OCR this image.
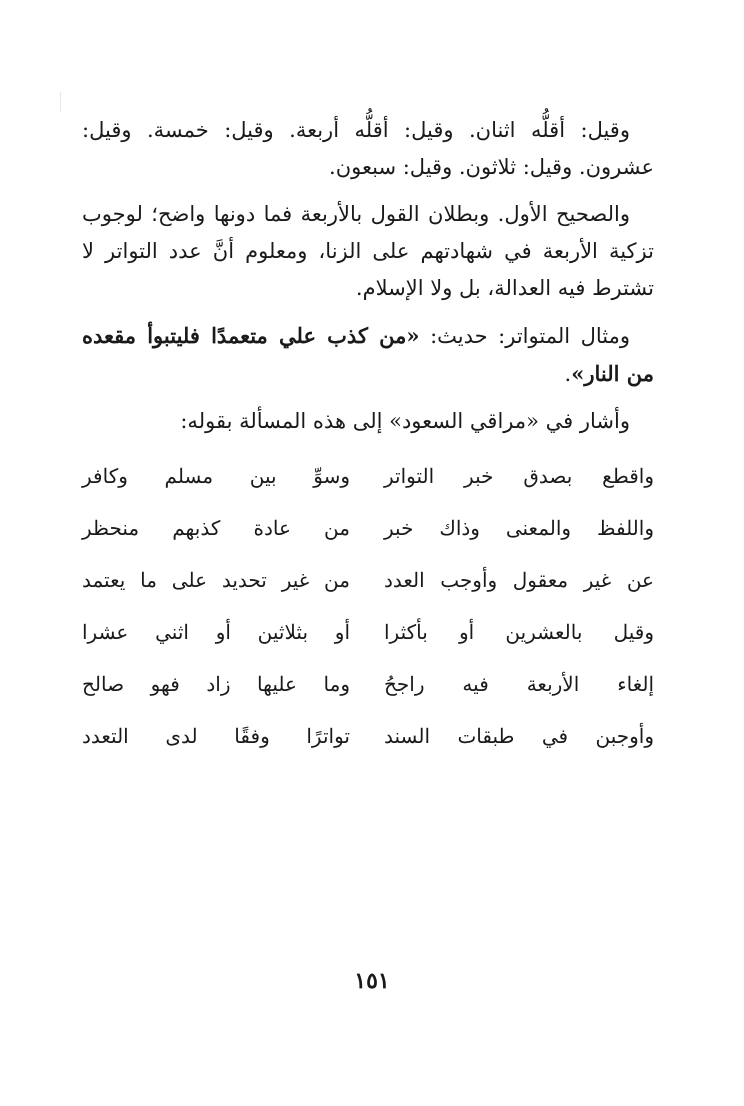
وقيل: أقلُّه اثنان. وقيل: أقلُّه أربعة. وقيل: خمسة. وقيل: عشرون. وقيل: ثلاثون. وقيل: سبعون.

والصحيح الأول. وبطلان القول بالأربعة فما دونها واضح؛ لوجوب تزكية الأربعة في شهادتهم على الزنا، ومعلوم أنَّ عدد التواتر لا تشترط فيه العدالة، بل ولا الإسلام.

ومثال المتواتر: حديث: «من كذب علي متعمدًا فليتبوأ مقعده من النار».

وأشار في «مراقي السعود» إلى هذه المسألة بقوله:

واقطع بصدق خبر التواتر
وسوِّ بين مسلم وكافر
واللفظ والمعنى وذاك خبر
من عادة كذبهم منحظر
عن غير معقول وأوجب العدد
من غير تحديد على ما يعتمد
وقيل بالعشرين أو بأكثرا
أو بثلاثين أو اثني عشرا
إلغاء الأربعة فيه راجحُ
وما عليها زاد فهو صالح
وأوجبن في طبقات السند
تواترًا وفقًا لدى التعدد
١٥١
